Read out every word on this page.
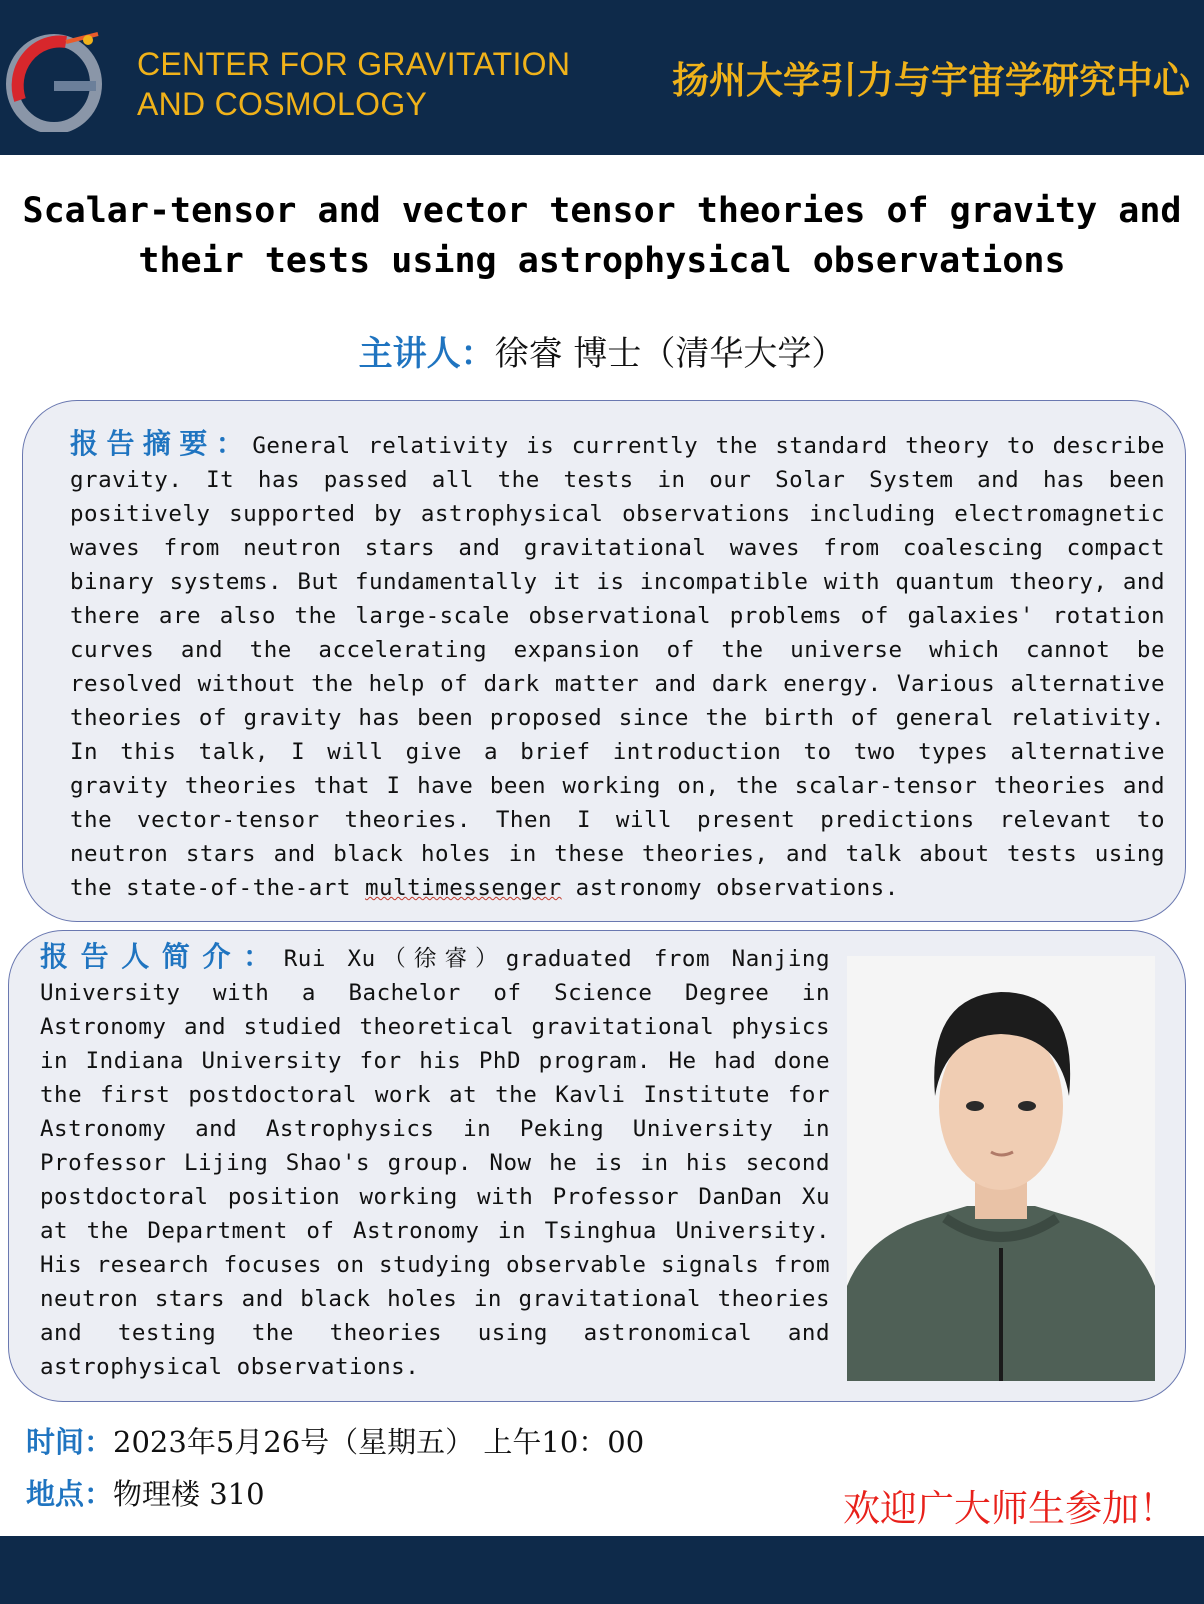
CENTER FOR GRAVITATION AND COSMOLOGY
扬州大学引力与宇宙学研究中心
Scalar-tensor and vector tensor theories of gravity and their tests using astrophysical observations
主讲人：徐睿 博士（清华大学）
报告摘要：General relativity is currently the standard theory to describe gravity. It has passed all the tests in our Solar System and has been positively supported by astrophysical observations including electromagnetic waves from neutron stars and gravitational waves from coalescing compact binary systems. But fundamentally it is incompatible with quantum theory, and there are also the large-scale observational problems of galaxies' rotation curves and the accelerating expansion of the universe which cannot be resolved without the help of dark matter and dark energy. Various alternative theories of gravity has been proposed since the birth of general relativity. In this talk, I will give a brief introduction to two types alternative gravity theories that I have been working on, the scalar-tensor theories and the vector-tensor theories. Then I will present predictions relevant to neutron stars and black holes in these theories, and talk about tests using the state-of-the-art multimessenger astronomy observations.
报告人简介：Rui Xu（徐睿）graduated from Nanjing University with a Bachelor of Science Degree in Astronomy and studied theoretical gravitational physics in Indiana University for his PhD program. He had done the first postdoctoral work at the Kavli Institute for Astronomy and Astrophysics in Peking University in Professor Lijing Shao's group. Now he is in his second postdoctoral position working with Professor DanDan Xu at the Department of Astronomy in Tsinghua University. His research focuses on studying observable signals from neutron stars and black holes in gravitational theories and testing the theories using astronomical and astrophysical observations.
时间：2023年5月26号（星期五） 上午10：00
地点：物理楼 310	欢迎广大师生参加！
